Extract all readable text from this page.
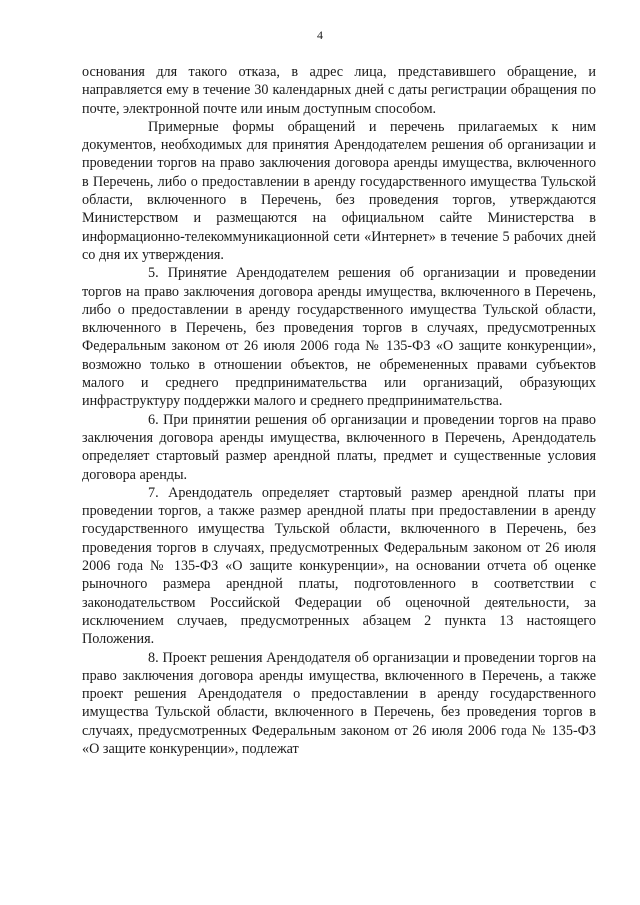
4

основания для такого отказа, в адрес лица, представившего обращение, и направляется ему в течение 30 календарных дней с даты регистрации обращения по почте, электронной почте или иным доступным способом.

Примерные формы обращений и перечень прилагаемых к ним документов, необходимых для принятия Арендодателем решения об организации и проведении торгов на право заключения договора аренды имущества, включенного в Перечень, либо о предоставлении в аренду государственного имущества Тульской области, включенного в Перечень, без проведения торгов, утверждаются Министерством и размещаются на официальном сайте Министерства в информационно-телекоммуникационной сети «Интернет» в течение 5 рабочих дней со дня их утверждения.

5. Принятие Арендодателем решения об организации и проведении торгов на право заключения договора аренды имущества, включенного в Перечень, либо о предоставлении в аренду государственного имущества Тульской области, включенного в Перечень, без проведения торгов в случаях, предусмотренных Федеральным законом от 26 июля 2006 года № 135-ФЗ «О защите конкуренции», возможно только в отношении объектов, не обремененных правами субъектов малого и среднего предпринимательства или организаций, образующих инфраструктуру поддержки малого и среднего предпринимательства.

6. При принятии решения об организации и проведении торгов на право заключения договора аренды имущества, включенного в Перечень, Арендодатель определяет стартовый размер арендной платы, предмет и существенные условия договора аренды.

7. Арендодатель определяет стартовый размер арендной платы при проведении торгов, а также размер арендной платы при предоставлении в аренду государственного имущества Тульской области, включенного в Перечень, без проведения торгов в случаях, предусмотренных Федеральным законом от 26 июля 2006 года № 135-ФЗ «О защите конкуренции», на основании отчета об оценке рыночного размера арендной платы, подготовленного в соответствии с законодательством Российской Федерации об оценочной деятельности, за исключением случаев, предусмотренных абзацем 2 пункта 13 настоящего Положения.

8. Проект решения Арендодателя об организации и проведении торгов на право заключения договора аренды имущества, включенного в Перечень, а также проект решения Арендодателя о предоставлении в аренду государственного имущества Тульской области, включенного в Перечень, без проведения торгов в случаях, предусмотренных Федеральным законом от 26 июля 2006 года № 135-ФЗ «О защите конкуренции», подлежат
